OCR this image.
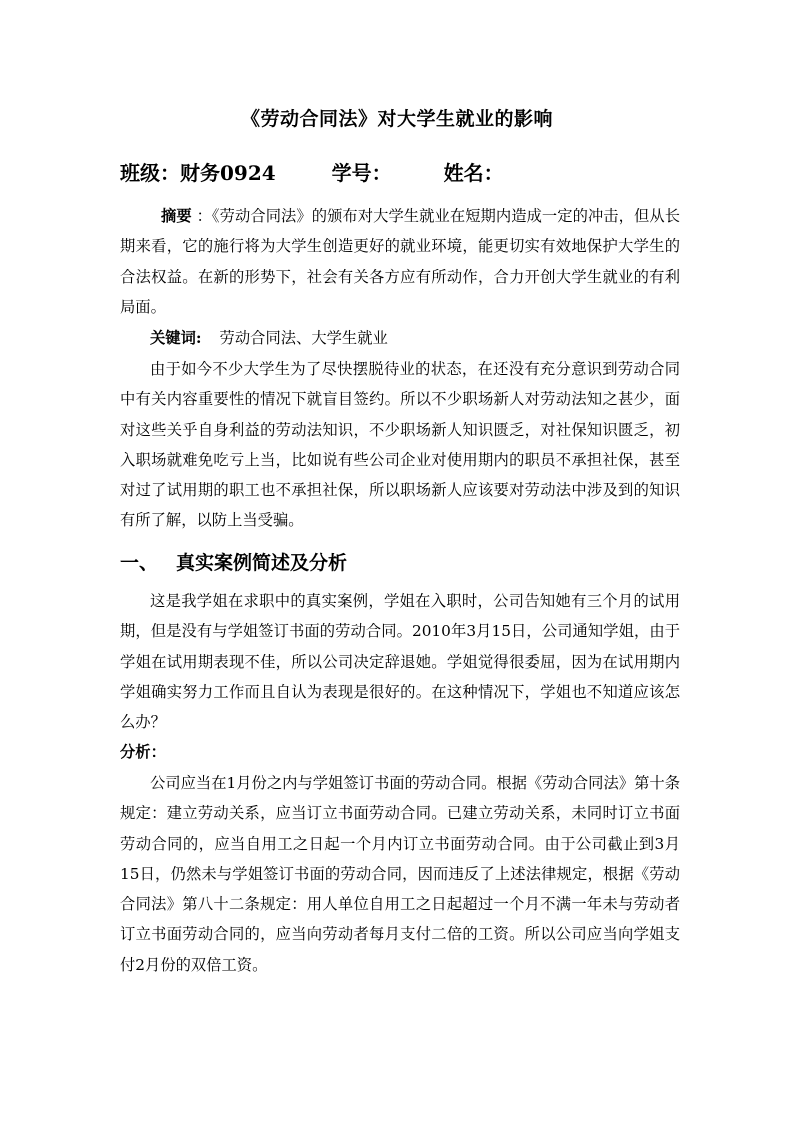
《劳动合同法》对大学生就业的影响
班级：财务0924	学号：	姓名：

摘要 ：《劳动合同法》的颁布对大学生就业在短期内造成一定的冲击，但从长期来看，它的施行将为大学生创造更好的就业环境，能更切实有效地保护大学生的合法权益。在新的形势下，社会有关各方应有所动作，合力开创大学生就业的有利局面。

关键词: 劳动合同法、大学生就业

由于如今不少大学生为了尽快摆脱待业的状态，在还没有充分意识到劳动合同中有关内容重要性的情况下就盲目签约。所以不少职场新人对劳动法知之甚少，面对这些关乎自身利益的劳动法知识，不少职场新人知识匮乏，对社保知识匮乏，初入职场就难免吃亏上当，比如说有些公司企业对使用期内的职员不承担社保，甚至对过了试用期的职工也不承担社保，所以职场新人应该要对劳动法中涉及到的知识有所了解，以防上当受骗。

一、 真实案例简述及分析

这是我学姐在求职中的真实案例，学姐在入职时，公司告知她有三个月的试用期，但是没有与学姐签订书面的劳动合同。2010年3月15日，公司通知学姐，由于学姐在试用期表现不佳，所以公司决定辞退她。学姐觉得很委屈，因为在试用期内学姐确实努力工作而且自认为表现是很好的。在这种情况下，学姐也不知道应该怎么办？

分析：

公司应当在1月份之内与学姐签订书面的劳动合同。根据《劳动合同法》第十条规定：建立劳动关系，应当订立书面劳动合同。已建立劳动关系，未同时订立书面劳动合同的，应当自用工之日起一个月内订立书面劳动合同。由于公司截止到3月15日，仍然未与学姐签订书面的劳动合同，因而违反了上述法律规定，根据《劳动合同法》第八十二条规定：用人单位自用工之日起超过一个月不满一年未与劳动者订立书面劳动合同的，应当向劳动者每月支付二倍的工资。所以公司应当向学姐支付2月份的双倍工资。
